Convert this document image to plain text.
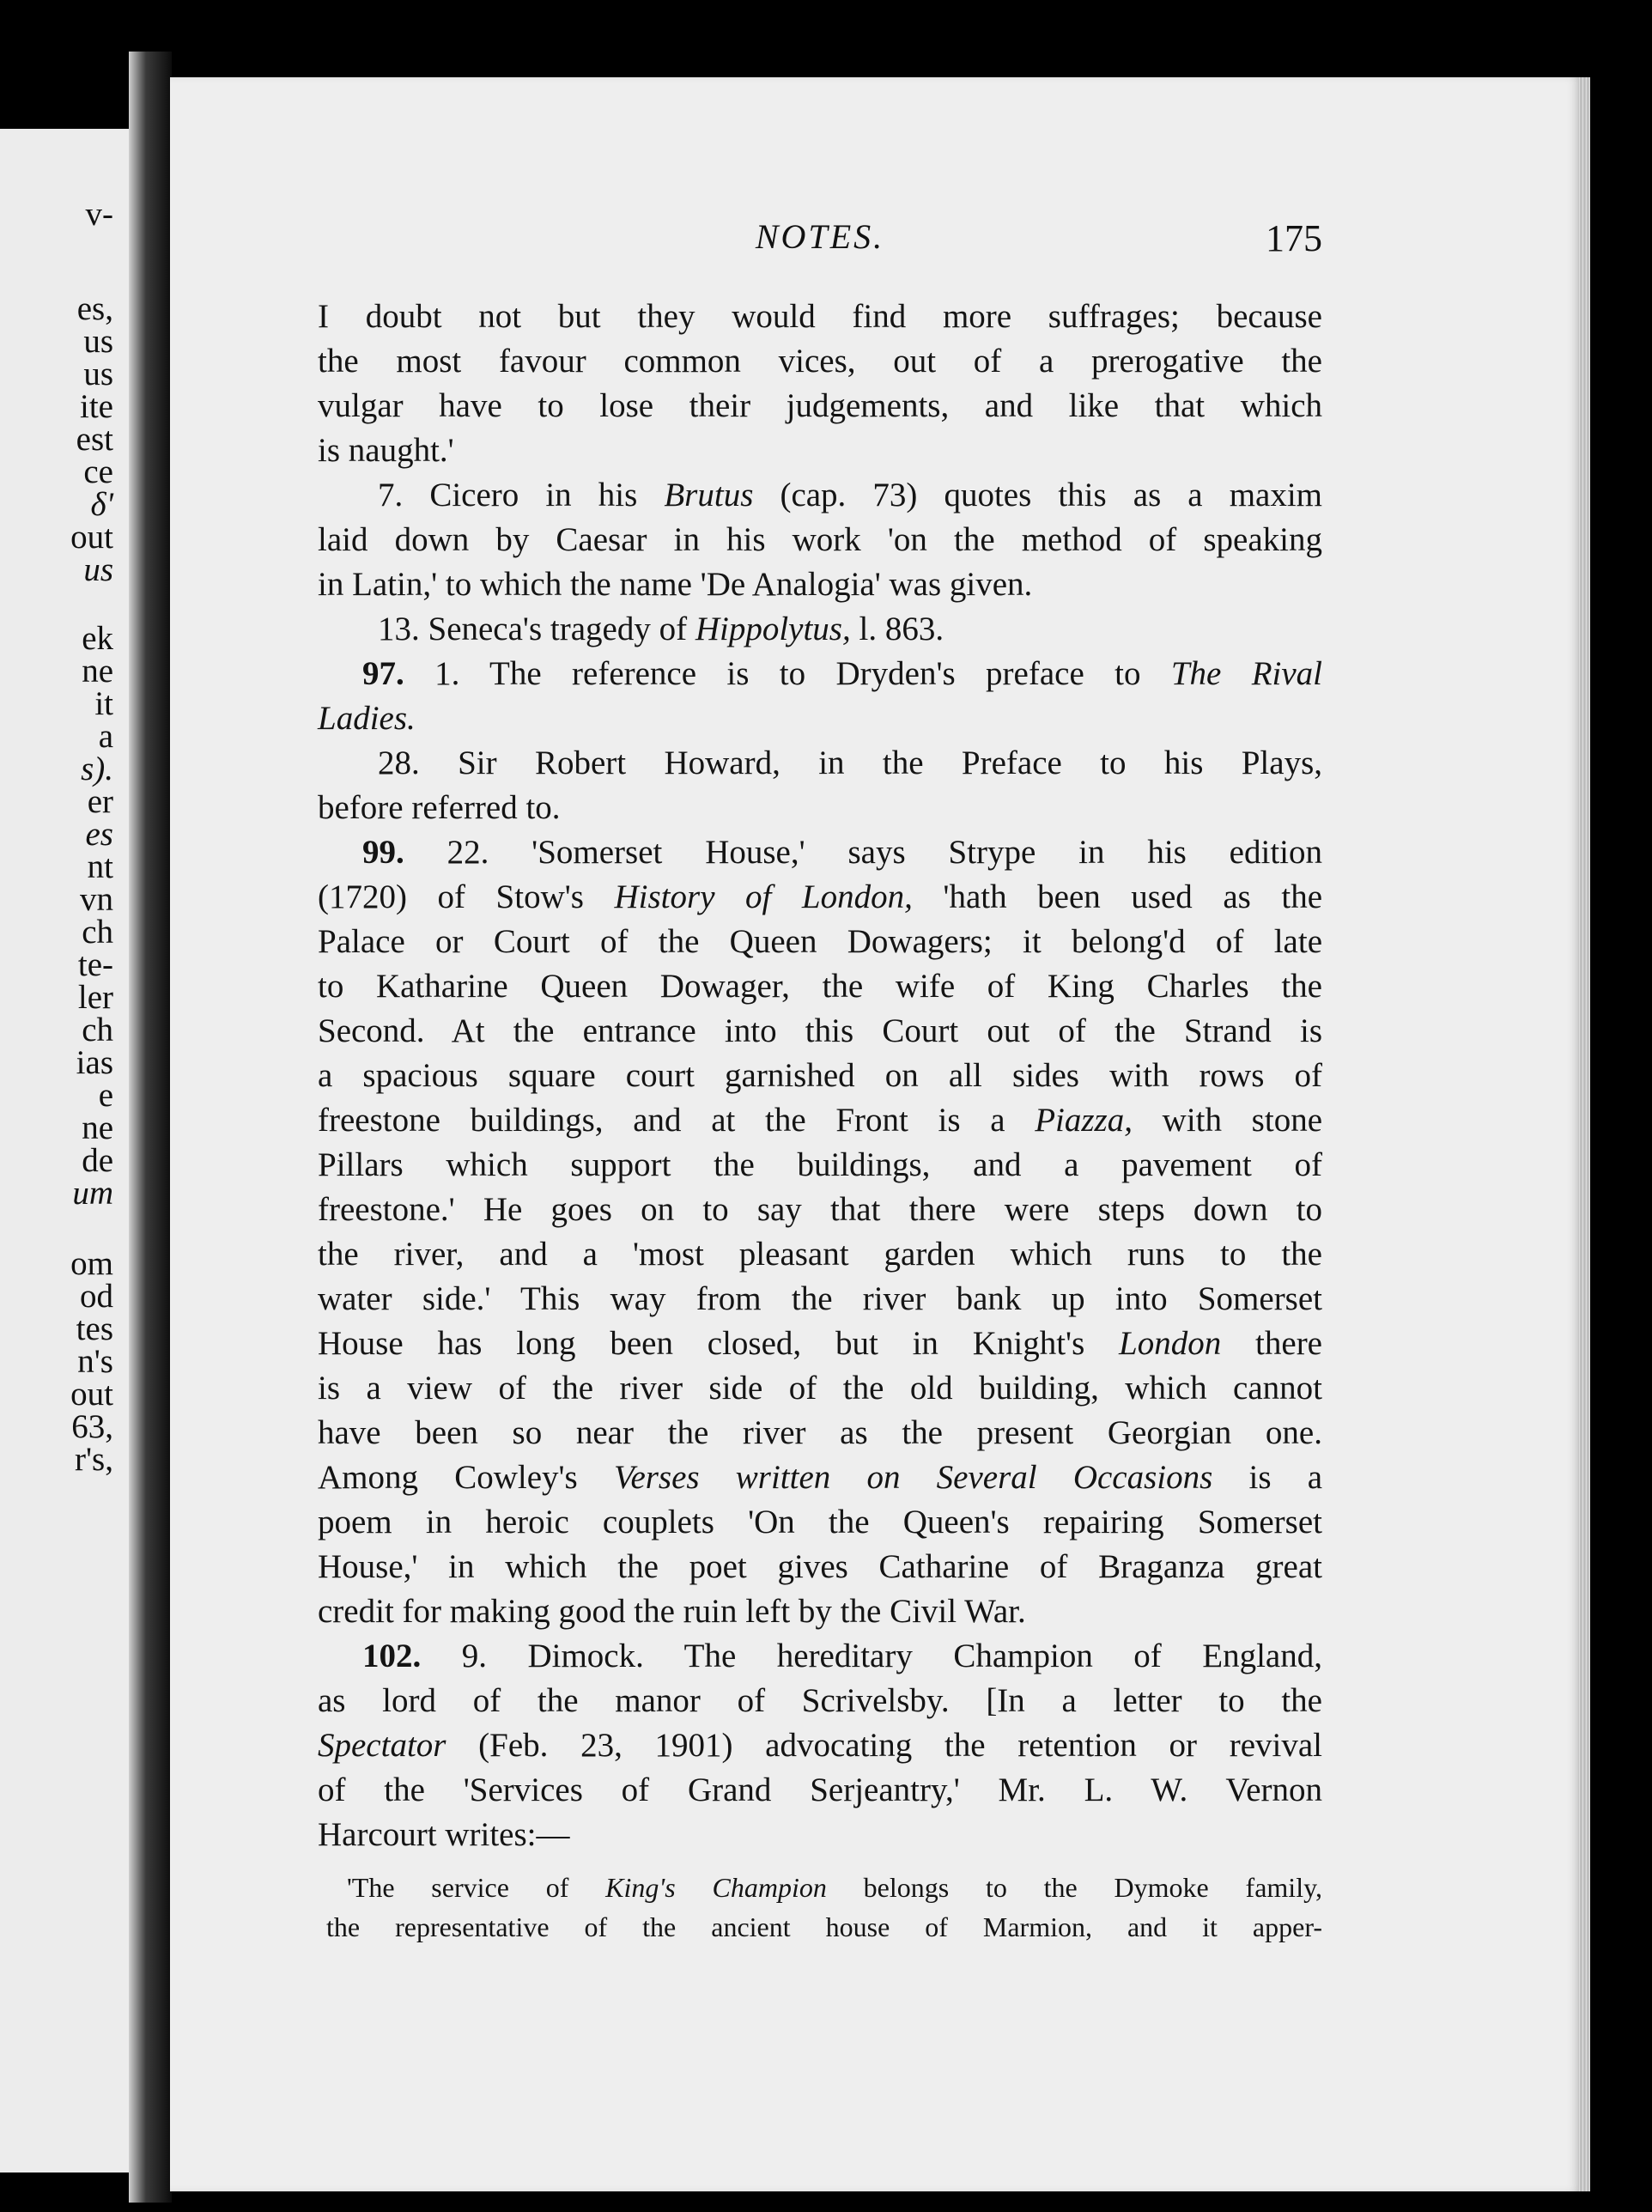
v-
es,
us
us
ite
est
ce
δ'
out
us
ek
ne
it
a
s).
er
es
nt
vn
ch
te-
ler
ch
ias
e
ne
de
um
om
od
tes
n's
out
63,
r's,
NOTES.	175
I doubt not but they would find more suffrages; because
the most favour common vices, out of a prerogative the
vulgar have to lose their judgements, and like that which
is naught.'
7. Cicero in his Brutus (cap. 73) quotes this as a maxim
laid down by Caesar in his work 'on the method of speaking
in Latin,' to which the name 'De Analogia' was given.
13. Seneca's tragedy of Hippolytus, l. 863.
97. 1. The reference is to Dryden's preface to The Rival
Ladies.
28. Sir Robert Howard, in the Preface to his Plays,
before referred to.
99. 22. 'Somerset House,' says Strype in his edition
(1720) of Stow's History of London, 'hath been used as the
Palace or Court of the Queen Dowagers; it belong'd of late
to Katharine Queen Dowager, the wife of King Charles the
Second. At the entrance into this Court out of the Strand is
a spacious square court garnished on all sides with rows of
freestone buildings, and at the Front is a Piazza, with stone
Pillars which support the buildings, and a pavement of
freestone.' He goes on to say that there were steps down to
the river, and a 'most pleasant garden which runs to the
water side.' This way from the river bank up into Somerset
House has long been closed, but in Knight's London there
is a view of the river side of the old building, which cannot
have been so near the river as the present Georgian one.
Among Cowley's Verses written on Several Occasions is a
poem in heroic couplets 'On the Queen's repairing Somerset
House,' in which the poet gives Catharine of Braganza great
credit for making good the ruin left by the Civil War.
102. 9. Dimock. The hereditary Champion of England,
as lord of the manor of Scrivelsby. [In a letter to the
Spectator (Feb. 23, 1901) advocating the retention or revival
of the 'Services of Grand Serjeantry,' Mr. L. W. Vernon
Harcourt writes:—
'The service of King's Champion belongs to the Dymoke family,
the representative of the ancient house of Marmion, and it apper-
